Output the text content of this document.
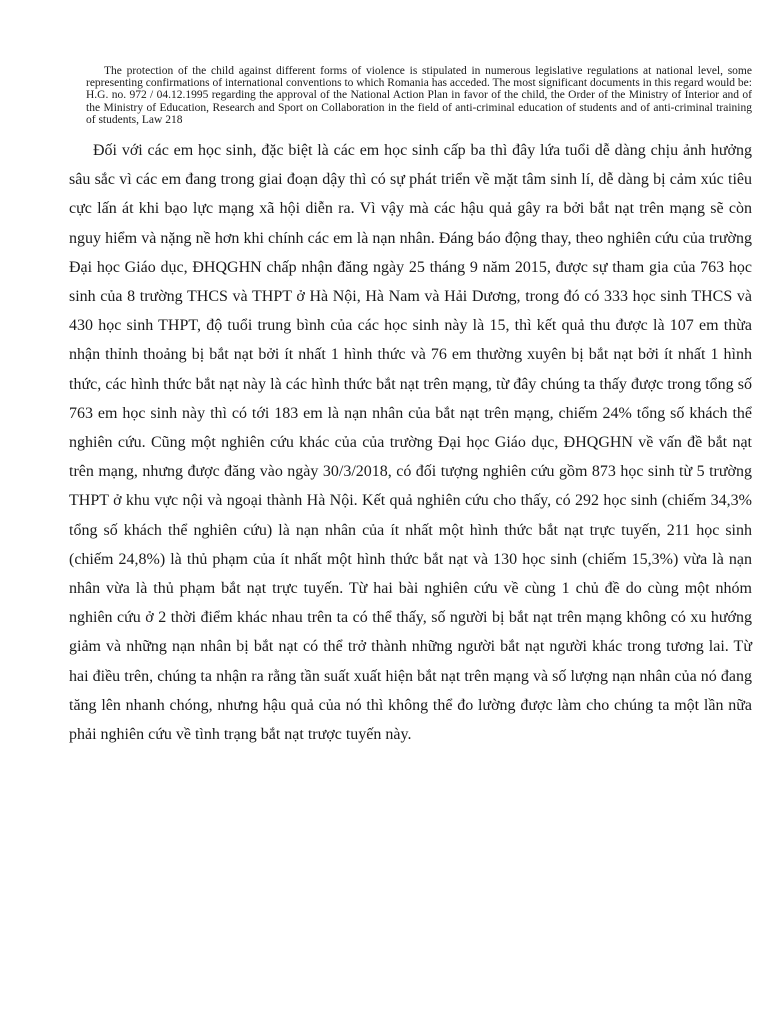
The protection of the child against different forms of violence is stipulated in numerous legislative regulations at national level, some representing confirmations of international conventions to which Romania has acceded. The most significant documents in this regard would be: H.G. no. 972 / 04.12.1995 regarding the approval of the National Action Plan in favor of the child, the Order of the Ministry of Interior and of the Ministry of Education, Research and Sport on Collaboration in the field of anti-criminal education of students and of anti-criminal training of students, Law 218

Đối với các em học sinh, đặc biệt là các em học sinh cấp ba thì đây lứa tuổi dễ dàng chịu ảnh hưởng sâu sắc vì các em đang trong giai đoạn dậy thì có sự phát triển về mặt tâm sinh lí, dễ dàng bị cảm xúc tiêu cực lấn át khi bạo lực mạng xã hội diễn ra. Vì vậy mà các hậu quả gây ra bởi bắt nạt trên mạng sẽ còn nguy hiểm và nặng nề hơn khi chính các em là nạn nhân. Đáng báo động thay, theo nghiên cứu của trường Đại học Giáo dục, ĐHQGHN chấp nhận đăng ngày 25 tháng 9 năm 2015, được sự tham gia của 763 học sinh của 8 trường THCS và THPT ở Hà Nội, Hà Nam và Hải Dương, trong đó có 333 học sinh THCS và 430 học sinh THPT, độ tuổi trung bình của các học sinh này là 15, thì kết quả thu được là 107 em thừa nhận thỉnh thoảng bị bắt nạt bởi ít nhất 1 hình thức và 76 em thường xuyên bị bắt nạt bởi ít nhất 1 hình thức, các hình thức bắt nạt này là các hình thức bắt nạt trên mạng, từ đây chúng ta thấy được trong tổng số 763 em học sinh này thì có tới 183 em là nạn nhân của bắt nạt trên mạng, chiếm 24% tổng số khách thể nghiên cứu. Cũng một nghiên cứu khác của của trường Đại học Giáo dục, ĐHQGHN về vấn đề bắt nạt trên mạng, nhưng được đăng vào ngày 30/3/2018, có đối tượng nghiên cứu gồm 873 học sinh từ 5 trường THPT ở khu vực nội và ngoại thành Hà Nội. Kết quả nghiên cứu cho thấy, có 292 học sinh (chiếm 34,3% tổng số khách thể nghiên cứu) là nạn nhân của ít nhất một hình thức bắt nạt trực tuyến, 211 học sinh (chiếm 24,8%) là thủ phạm của ít nhất một hình thức bắt nạt và 130 học sinh (chiếm 15,3%) vừa là nạn nhân vừa là thủ phạm bắt nạt trực tuyến. Từ hai bài nghiên cứu về cùng 1 chủ đề do cùng một nhóm nghiên cứu ở 2 thời điểm khác nhau trên ta có thể thấy, số người bị bắt nạt trên mạng không có xu hướng giảm và những nạn nhân bị bắt nạt có thể trở thành những người bắt nạt người khác trong tương lai. Từ hai điều trên, chúng ta nhận ra rằng tần suất xuất hiện bắt nạt trên mạng và số lượng nạn nhân của nó đang tăng lên nhanh chóng, nhưng hậu quả của nó thì không thể đo lường được làm cho chúng ta một lần nữa phải nghiên cứu về tình trạng bắt nạt trược tuyến này.
